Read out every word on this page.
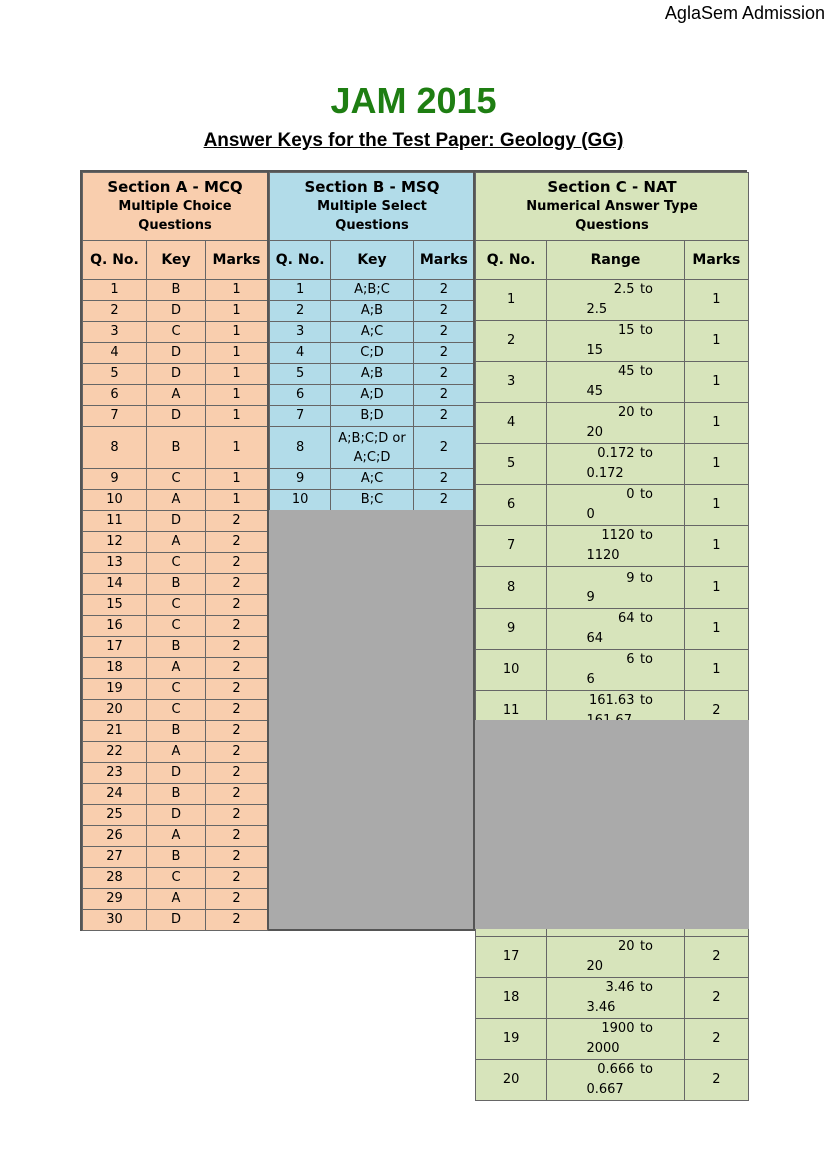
AglaSem Admission
JAM 2015
Answer Keys for the Test Paper: Geology (GG)
Section A - MCQ
Multiple Choice
Questions		

Q. No.	Key	Marks
1	B	1
2	D	1
3	C	1
4	D	1
5	D	1
6	A	1
7	D	1
8	B	1
9	C	1
10	A	1
11	D	2
12	A	2
13	C	2
14	B	2
15	C	2
16	C	2
17	B	2
18	A	2
19	C	2
20	C	2
21	B	2
22	A	2
23	D	2
24	B	2
25	D	2
26	A	2
27	B	2
28	C	2
29	A	2
30	D	2
Section B - MSQ
Multiple Select
Questions		

Q. No.	Key	Marks
1	A;B;C	2
2	A;B	2
3	A;C	2
4	C;D	2
5	A;B	2
6	A;D	2
7	B;D	2
8	A;B;C;D or A;C;D	2
9	A;C	2
10	B;C	2
Section C - NAT
Numerical Answer Type
Questions		

Q. No.	Range	Marks
1	2.5 to2.5	1
2	15 to15	1
3	45 to45	1
4	20 to20	1
5	0.172 to0.172	1
6	0 to0	1
7	1120 to1120	1
8	9 to9	1
9	64 to64	1
10	6 to6	1
11	161.63 to	2

17	20 to20	2
18	3.46 to3.46	2
19	1900 to2000	2
20	0.666 to0.667	2
